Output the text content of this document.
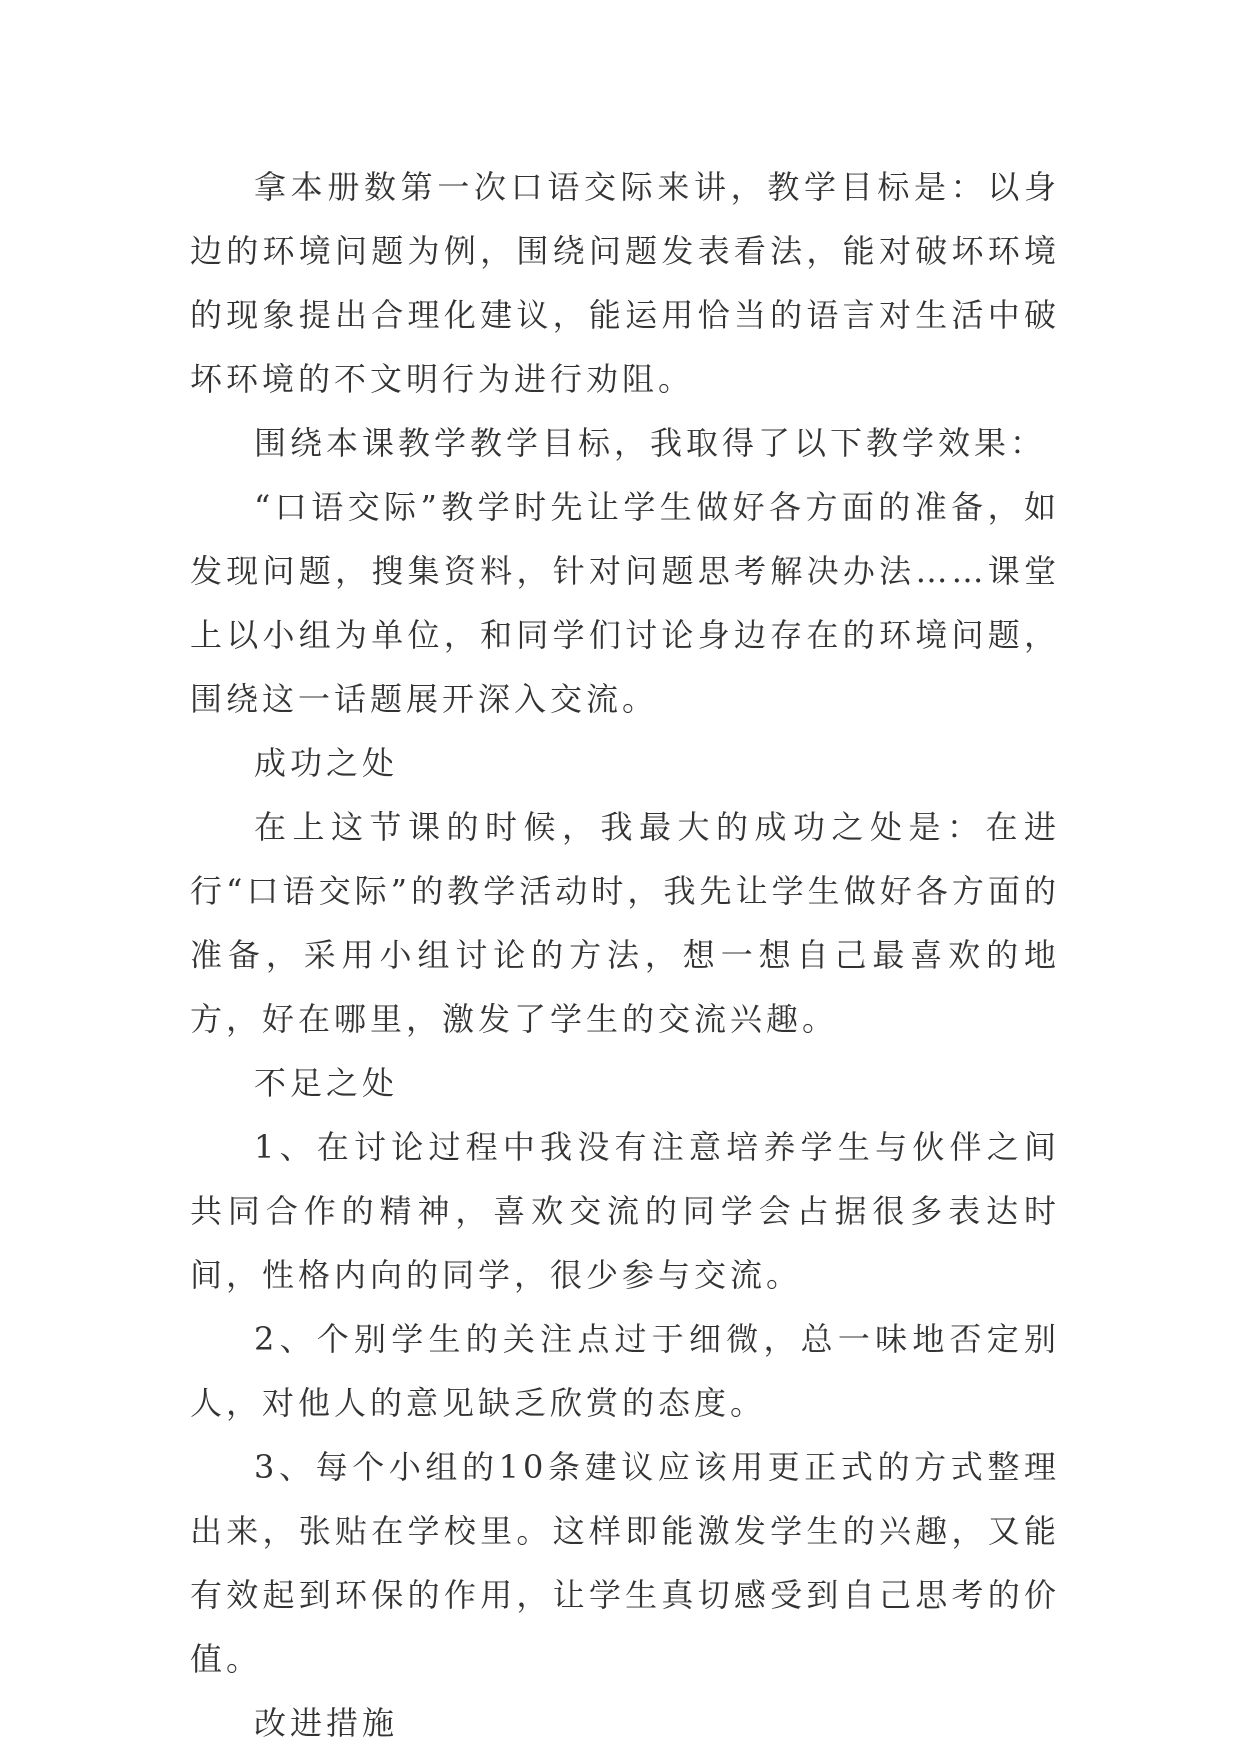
拿本册数第一次口语交际来讲，教学目标是：以身边的环境问题为例，围绕问题发表看法，能对破坏环境的现象提出合理化建议，能运用恰当的语言对生活中破坏环境的不文明行为进行劝阻。

围绕本课教学教学目标，我取得了以下教学效果：

“口语交际”教学时先让学生做好各方面的准备，如发现问题，搜集资料，针对问题思考解决办法……课堂上以小组为单位，和同学们讨论身边存在的环境问题，围绕这一话题展开深入交流。

成功之处

在上这节课的时候，我最大的成功之处是：在进行“口语交际”的教学活动时，我先让学生做好各方面的准备，采用小组讨论的方法，想一想自己最喜欢的地方，好在哪里，激发了学生的交流兴趣。

不足之处

1、在讨论过程中我没有注意培养学生与伙伴之间共同合作的精神，喜欢交流的同学会占据很多表达时间，性格内向的同学，很少参与交流。

2、个别学生的关注点过于细微，总一味地否定别人，对他人的意见缺乏欣赏的态度。

3、每个小组的10条建议应该用更正式的方式整理出来，张贴在学校里。这样即能激发学生的兴趣，又能有效起到环保的作用，让学生真切感受到自己思考的价值。

改进措施
